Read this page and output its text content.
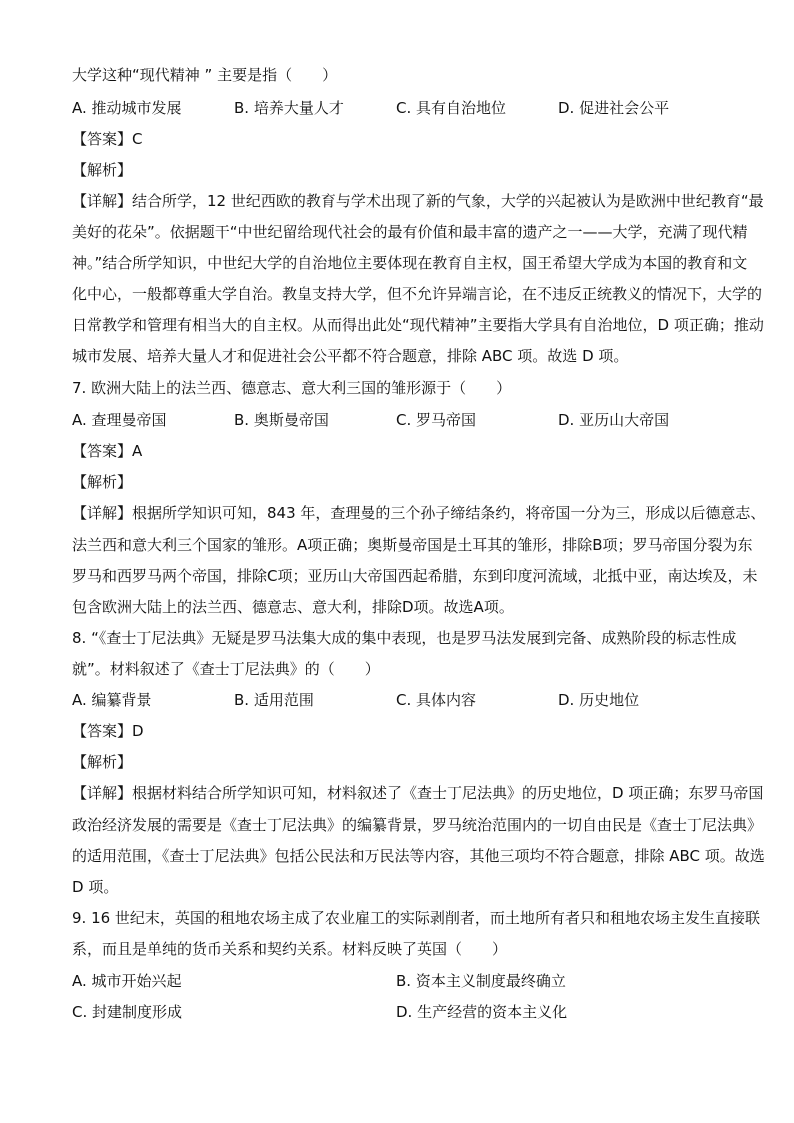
大学这种“现代精神 ” 主要是指（　　）
A. 推动城市发展	B. 培养大量人才	C. 具有自治地位	D. 促进社会公平
【答案】C
【解析】
【详解】结合所学，12 世纪西欧的教育与学术出现了新的气象，大学的兴起被认为是欧洲中世纪教育“最
美好的花朵”。依据题干“中世纪留给现代社会的最有价值和最丰富的遗产之一——大学，充满了现代精
神。”结合所学知识，中世纪大学的自治地位主要体现在教育自主权，国王希望大学成为本国的教育和文
化中心，一般都尊重大学自治。教皇支持大学，但不允许异端言论，在不违反正统教义的情况下，大学的
日常教学和管理有相当大的自主权。从而得出此处“现代精神”主要指大学具有自治地位，D 项正确；推动
城市发展、培养大量人才和促进社会公平都不符合题意，排除 ABC 项。故选 D 项。
7. 欧洲大陆上的法兰西、德意志、意大利三国的雏形源于（　　）
A. 查理曼帝国	B. 奥斯曼帝国	C. 罗马帝国	D. 亚历山大帝国
【答案】A
【解析】
【详解】根据所学知识可知，843 年，查理曼的三个孙子缔结条约，将帝国一分为三，形成以后德意志、
法兰西和意大利三个国家的雏形。A项正确；奥斯曼帝国是土耳其的雏形，排除B项；罗马帝国分裂为东
罗马和西罗马两个帝国，排除C项；亚历山大帝国西起希腊，东到印度河流域，北抵中亚，南达埃及，未
包含欧洲大陆上的法兰西、德意志、意大利，排除D项。故选A项。
8. “《查士丁尼法典》无疑是罗马法集大成的集中表现，也是罗马法发展到完备、成熟阶段的标志性成
就”。材料叙述了《查士丁尼法典》的（　　）
A. 编纂背景	B. 适用范围	C. 具体内容	D. 历史地位
【答案】D
【解析】
【详解】根据材料结合所学知识可知，材料叙述了《查士丁尼法典》的历史地位，D 项正确；东罗马帝国
政治经济发展的需要是《查士丁尼法典》的编纂背景，罗马统治范围内的一切自由民是《查士丁尼法典》
的适用范围，《查士丁尼法典》包括公民法和万民法等内容，其他三项均不符合题意，排除 ABC 项。故选
D 项。
9. 16 世纪末，英国的租地农场主成了农业雇工的实际剥削者，而土地所有者只和租地农场主发生直接联
系，而且是单纯的货币关系和契约关系。材料反映了英国（　　）
A. 城市开始兴起	B. 资本主义制度最终确立
C. 封建制度形成	D. 生产经营的资本主义化
